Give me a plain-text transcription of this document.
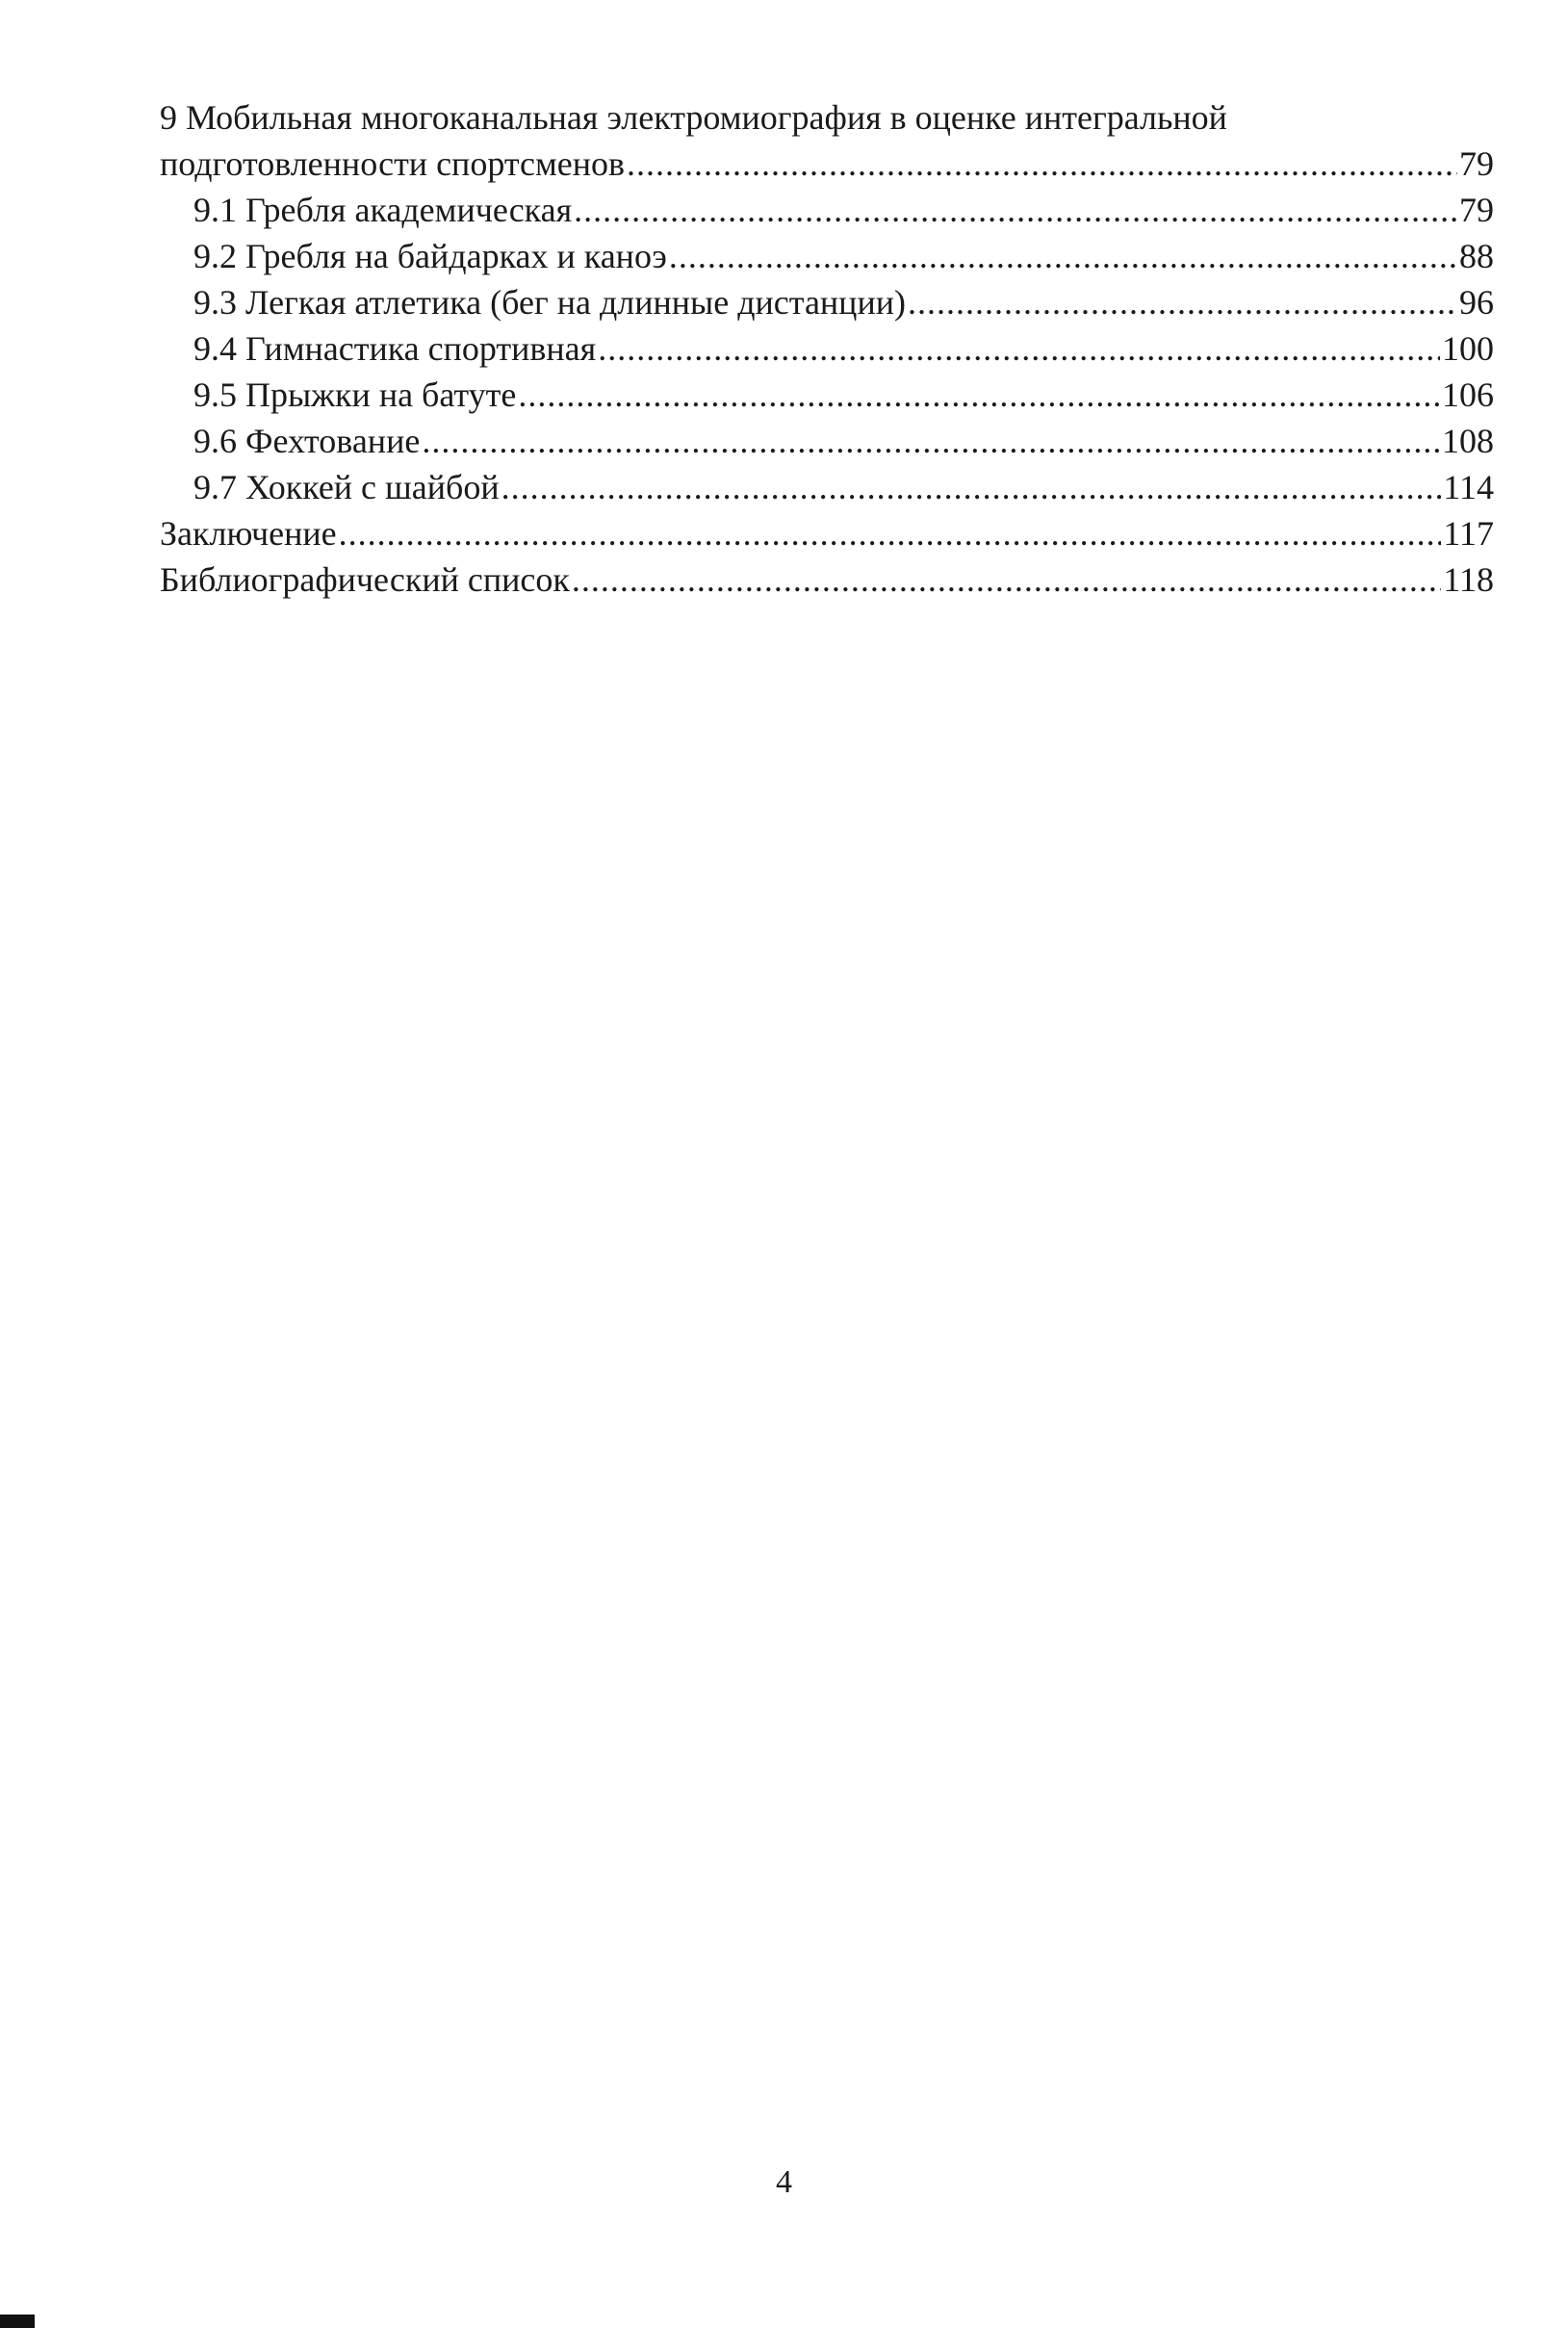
9 Мобильная многоканальная электромиография в оценке интегральной
подготовленности спортсменов .....	79
9.1 Гребля академическая .....	79
9.2 Гребля на байдарках и каноэ .....	88
9.3 Легкая атлетика (бег на длинные дистанции) .....	96
9.4 Гимнастика спортивная .....	100
9.5 Прыжки на батуте .....	106
9.6 Фехтование .....	108
9.7 Хоккей с шайбой .....	114
Заключение .....	117
Библиографический список .....	118
4
